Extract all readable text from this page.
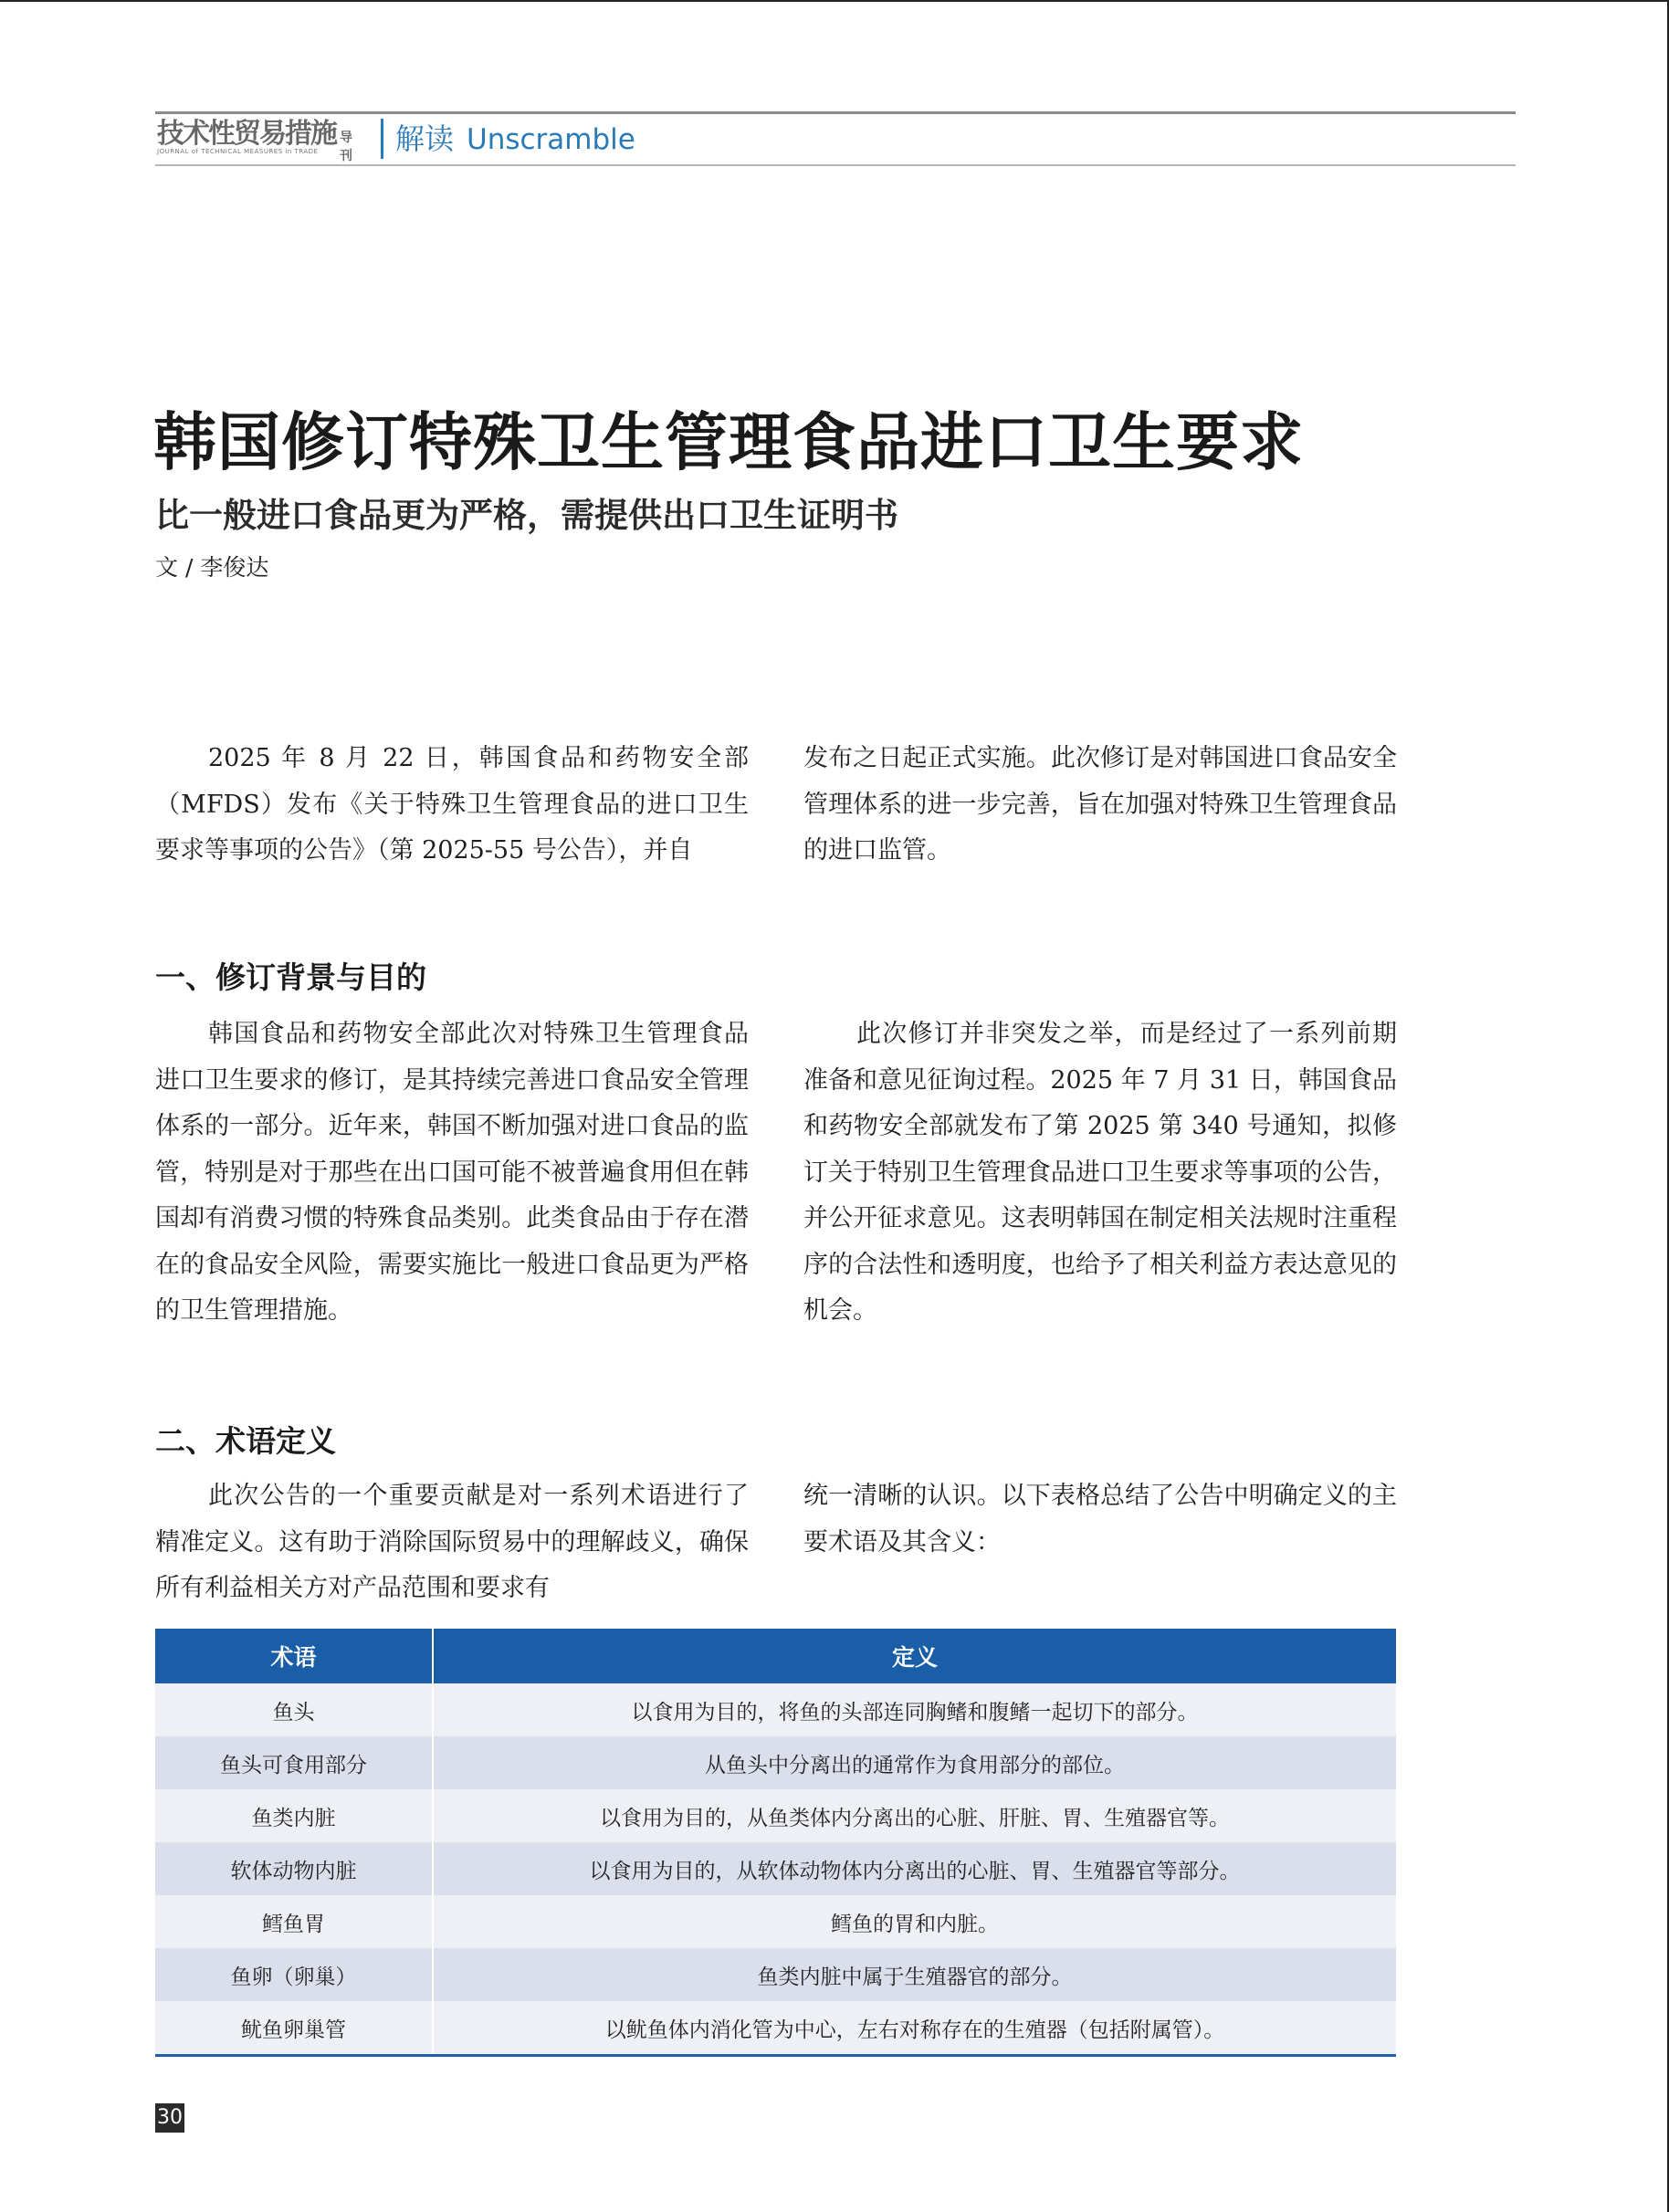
技术性贸易措施
JOURNAL of TECHNICAL MEASURES in TRADE
导刊 解读 Unscramble
韩国修订特殊卫生管理食品进口卫生要求
比一般进口食品更为严格，需提供出口卫生证明书
文 / 李俊达

2025 年 8 月 22 日，韩国食品和药物安全部（MFDS）发布《关于特殊卫生管理食品的进口卫生要求等事项的公告》（第 2025-55 号公告），并自

发布之日起正式实施。此次修订是对韩国进口食品安全管理体系的进一步完善，旨在加强对特殊卫生管理食品的进口监管。

一、修订背景与目的

韩国食品和药物安全部此次对特殊卫生管理食品进口卫生要求的修订，是其持续完善进口食品安全管理体系的一部分。近年来，韩国不断加强对进口食品的监管，特别是对于那些在出口国可能不被普遍食用但在韩国却有消费习惯的特殊食品类别。此类食品由于存在潜在的食品安全风险，需要实施比一般进口食品更为严格的卫生管理措施。

此次修订并非突发之举，而是经过了一系列前期准备和意见征询过程。2025 年 7 月 31 日，韩国食品和药物安全部就发布了第 2025 第 340 号通知，拟修订关于特别卫生管理食品进口卫生要求等事项的公告，并公开征求意见。这表明韩国在制定相关法规时注重程序的合法性和透明度，也给予了相关利益方表达意见的机会。

二、术语定义

此次公告的一个重要贡献是对一系列术语进行了精准定义。这有助于消除国际贸易中的理解歧义，确保所有利益相关方对产品范围和要求有

统一清晰的认识。以下表格总结了公告中明确定义的主要术语及其含义：

术语	定义
鱼头	以食用为目的，将鱼的头部连同胸鳍和腹鳍一起切下的部分。
鱼头可食用部分	从鱼头中分离出的通常作为食用部分的部位。
鱼类内脏	以食用为目的，从鱼类体内分离出的心脏、肝脏、胃、生殖器官等。
软体动物内脏	以食用为目的，从软体动物体内分离出的心脏、胃、生殖器官等部分。
鳕鱼胃	鳕鱼的胃和内脏。
鱼卵（卵巢）	鱼类内脏中属于生殖器官的部分。
鱿鱼卵巢管	以鱿鱼体内消化管为中心，左右对称存在的生殖器（包括附属管）。
30
